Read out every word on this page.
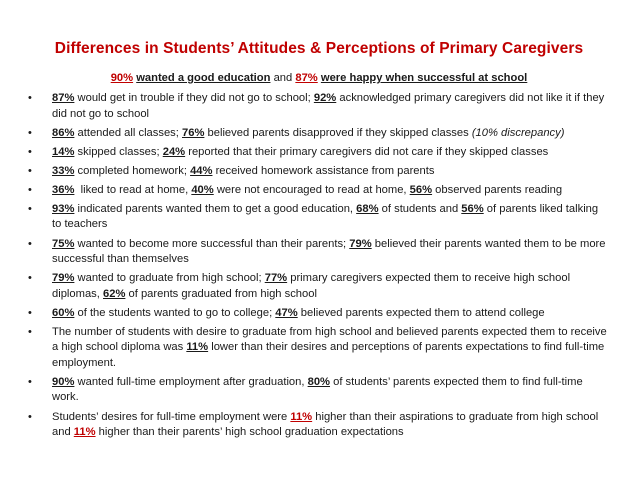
Differences in Students’ Attitudes & Perceptions of Primary Caregivers
90% wanted a good education and 87% were happy when successful at school
• 87% would get in trouble if they did not go to school; 92% acknowledged primary caregivers did not like it if they did not go to school
• 86% attended all classes; 76% believed parents disapproved if they skipped classes (10% discrepancy)
• 14% skipped classes; 24% reported that their primary caregivers did not care if they skipped classes
• 33% completed homework; 44% received homework assistance from parents
• 36%  liked to read at home, 40% were not encouraged to read at home, 56% observed parents reading
• 93% indicated parents wanted them to get a good education, 68% of students and 56% of parents liked talking to teachers
• 75% wanted to become more successful than their parents; 79% believed their parents wanted them to be more successful than themselves
• 79% wanted to graduate from high school; 77% primary caregivers expected them to receive high school diplomas, 62% of parents graduated from high school
• 60% of the students wanted to go to college; 47% believed parents expected them to attend college
• The number of students with desire to graduate from high school and believed parents expected them to receive a high school diploma was 11% lower than their desires and perceptions of parents expectations to find full-time employment.
• 90% wanted full-time employment after graduation, 80% of students’ parents expected them to find full-time work.
• Students’ desires for full-time employment were 11% higher than their aspirations to graduate from high school and 11% higher than their parents’ high school graduation expectations
